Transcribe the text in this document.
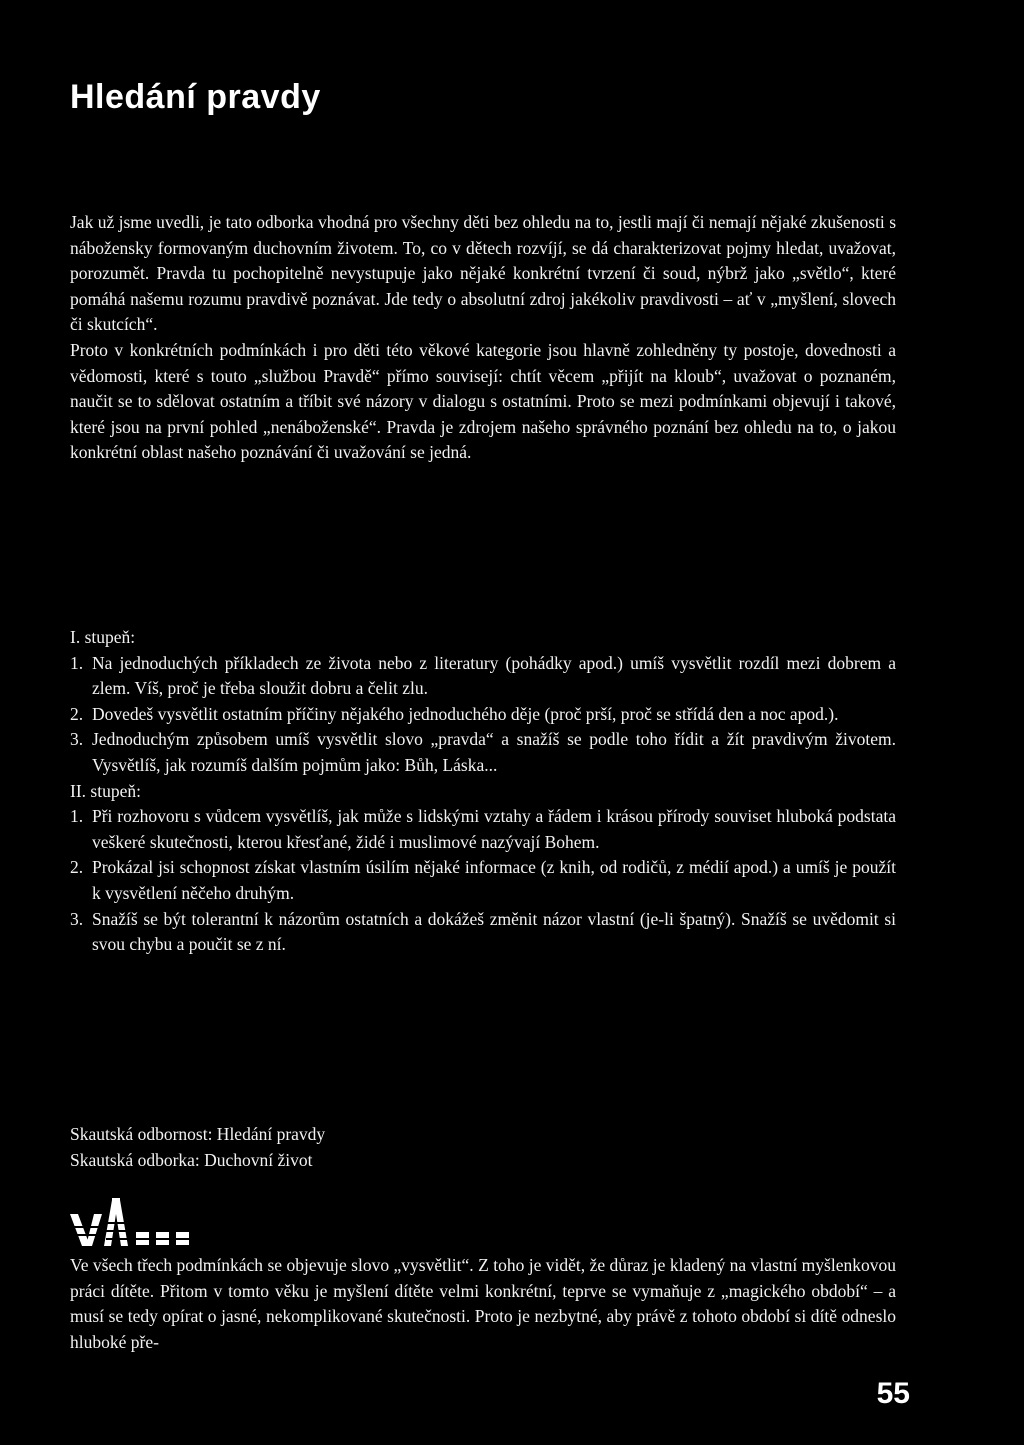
Hledání pravdy

Jak už jsme uvedli, je tato odborka vhodná pro všechny děti bez ohledu na to, jestli mají či nemají nějaké zkušenosti s nábožensky formovaným duchovním životem. To, co v dětech rozvíjí, se dá charakterizovat pojmy hledat, uvažovat, porozumět. Pravda tu pochopitelně nevystupuje jako nějaké konkrétní tvrzení či soud, nýbrž jako „světlo“, které pomáhá našemu rozumu pravdivě poznávat. Jde tedy o absolutní zdroj jakékoliv pravdivosti – ať v „myšlení, slovech či skutcích“.

Proto v konkrétních podmínkách i pro děti této věkové kategorie jsou hlavně zohledněny ty postoje, dovednosti a vědomosti, které s touto „službou Pravdě“ přímo souvisejí: chtít věcem „přijít na kloub“, uvažovat o poznaném, naučit se to sdělovat ostatním a tříbit své názory v dialogu s ostatními. Proto se mezi podmínkami objevují i takové, které jsou na první pohled „nenáboženské“. Pravda je zdrojem našeho správného poznání bez ohledu na to, o jakou konkrétní oblast našeho poznávání či uvažování se jedná.

I. stupeň:
1. Na jednoduchých příkladech ze života nebo z literatury (pohádky apod.) umíš vysvětlit rozdíl mezi dobrem a zlem. Víš, proč je třeba sloužit dobru a čelit zlu.
2. Dovedeš vysvětlit ostatním příčiny nějakého jednoduchého děje (proč prší, proč se střídá den a noc apod.).
3. Jednoduchým způsobem umíš vysvětlit slovo „pravda“ a snažíš se podle toho řídit a žít pravdivým životem. Vysvětlíš, jak rozumíš dalším pojmům jako: Bůh, Láska...
II. stupeň:
1. Při rozhovoru s vůdcem vysvětlíš, jak může s lidskými vztahy a řádem i krásou přírody souviset hluboká podstata veškeré skutečnosti, kterou křesťané, židé i muslimové nazývají Bohem.
2. Prokázal jsi schopnost získat vlastním úsilím nějaké informace (z knih, od rodičů, z médií apod.) a umíš je použít k vysvětlení něčeho druhým.
3. Snažíš se být tolerantní k názorům ostatních a dokážeš změnit názor vlastní (je-li špatný). Snažíš se uvědomit si svou chybu a poučit se z ní.
Skautská odbornost: Hledání pravdy
Skautská odborka: Duchovní život

Ve všech třech podmínkách se objevuje slovo „vysvětlit“. Z toho je vidět, že důraz je kladený na vlastní myšlenkovou práci dítěte. Přitom v tomto věku je myšlení dítěte velmi konkrétní, teprve se vymaňuje z „magického období“ – a musí se tedy opírat o jasné, nekomplikované skutečnosti. Proto je nezbytné, aby právě z tohoto období si dítě odneslo hluboké pře-

55
